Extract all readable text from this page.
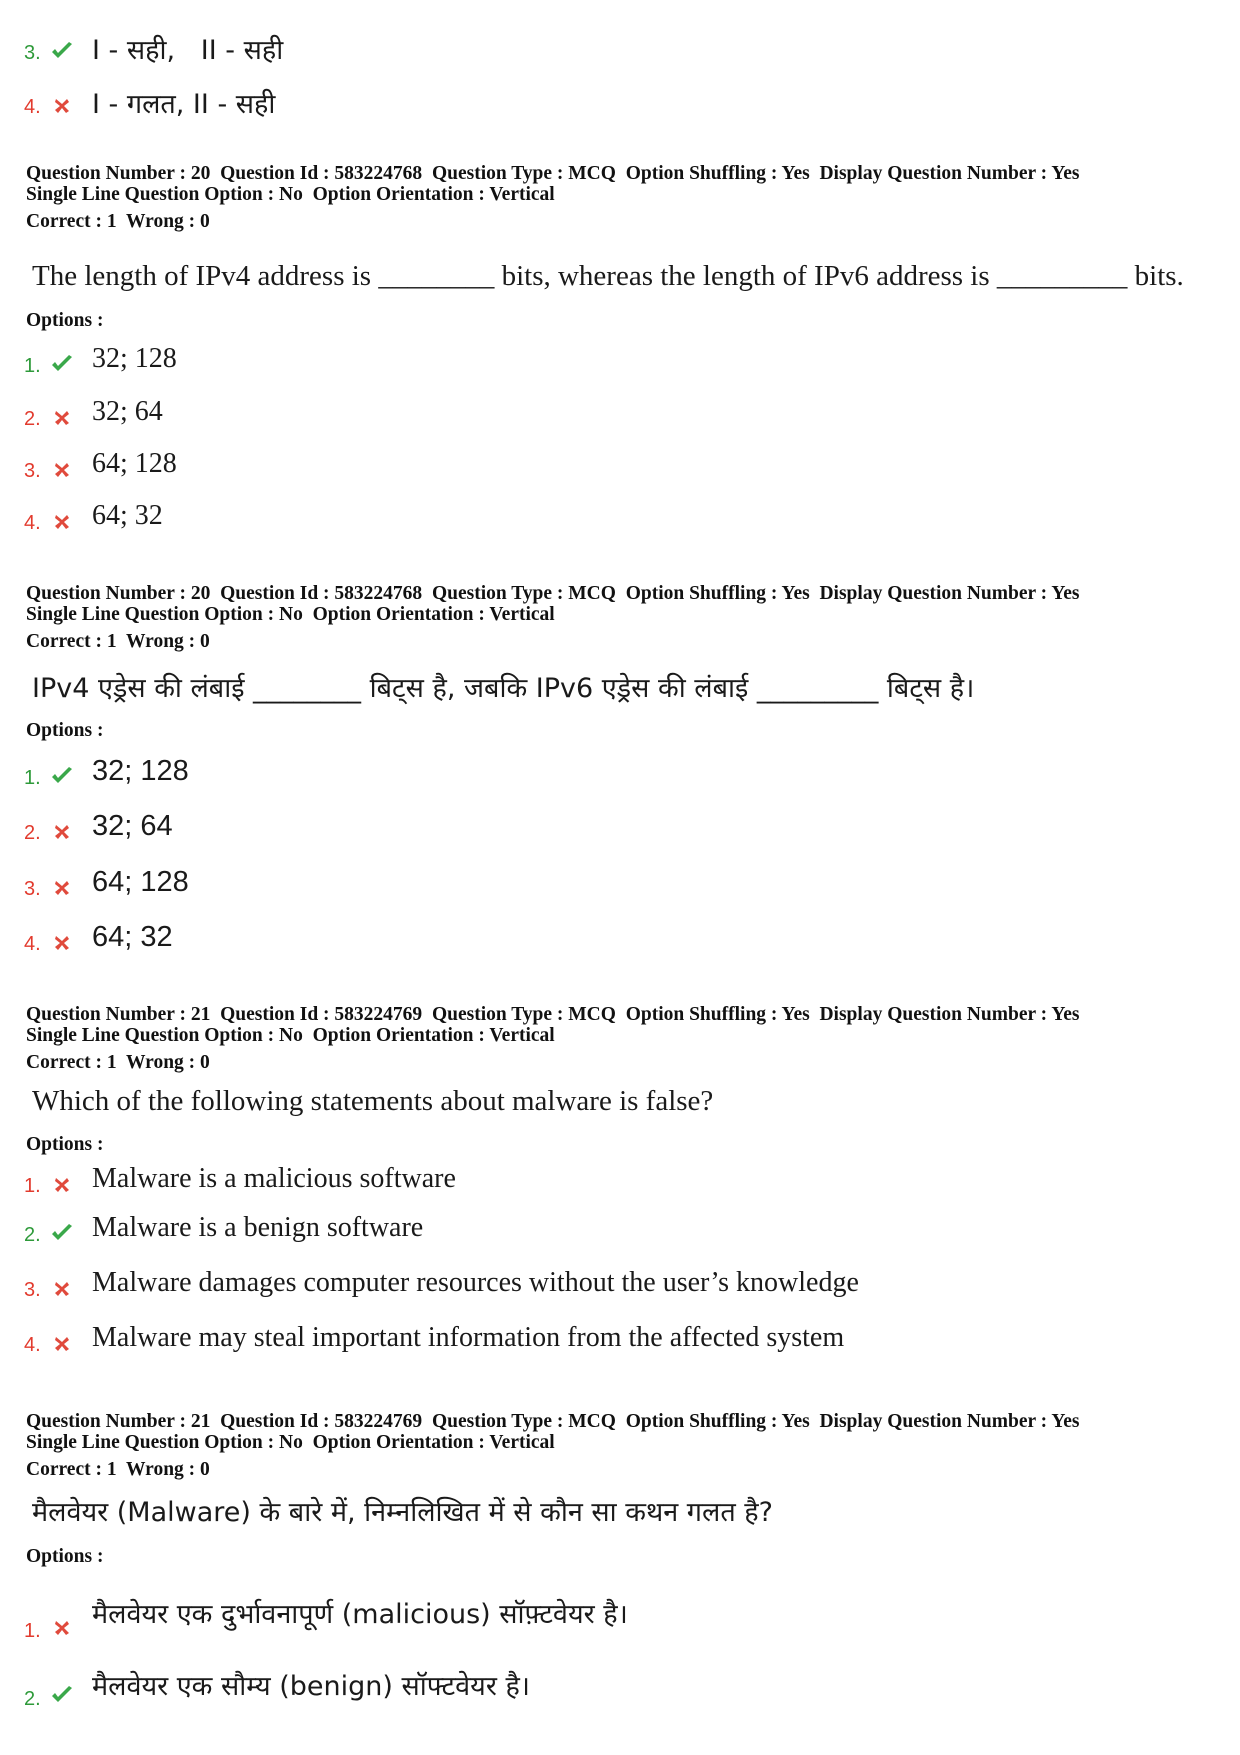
3. I - सही,   II - सही
4. I - गलत, II - सही
Question Number : 20 Question Id : 583224768 Question Type : MCQ Option Shuffling : Yes Display Question Number : Yes
Single Line Question Option : No Option Orientation : Vertical
Correct : 1 Wrong : 0
The length of IPv4 address is ________ bits, whereas the length of IPv6 address is _________ bits.
Options :
1. 32; 128
2. 32; 64
3. 64; 128
4. 64; 32
Question Number : 20 Question Id : 583224768 Question Type : MCQ Option Shuffling : Yes Display Question Number : Yes
Single Line Question Option : No Option Orientation : Vertical
Correct : 1 Wrong : 0
IPv4 एड्रेस की लंबाई ________ बिट्स है, जबकि IPv6 एड्रेस की लंबाई _________ बिट्स है।
Options :
1. 32; 128
2. 32; 64
3. 64; 128
4. 64; 32
Question Number : 21 Question Id : 583224769 Question Type : MCQ Option Shuffling : Yes Display Question Number : Yes
Single Line Question Option : No Option Orientation : Vertical
Correct : 1 Wrong : 0
Which of the following statements about malware is false?
Options :
1. Malware is a malicious software
2. Malware is a benign software
3. Malware damages computer resources without the user’s knowledge
4. Malware may steal important information from the affected system
Question Number : 21 Question Id : 583224769 Question Type : MCQ Option Shuffling : Yes Display Question Number : Yes
Single Line Question Option : No Option Orientation : Vertical
Correct : 1 Wrong : 0
मैलवेयर (Malware) के बारे में, निम्नलिखित में से कौन सा कथन गलत है?
Options :
1.
मैलवेयर एक दुर्भावनापूर्ण (malicious) सॉफ़्टवेयर है।
2. मैलवेयर एक सौम्य (benign) सॉफ्टवेयर है।
